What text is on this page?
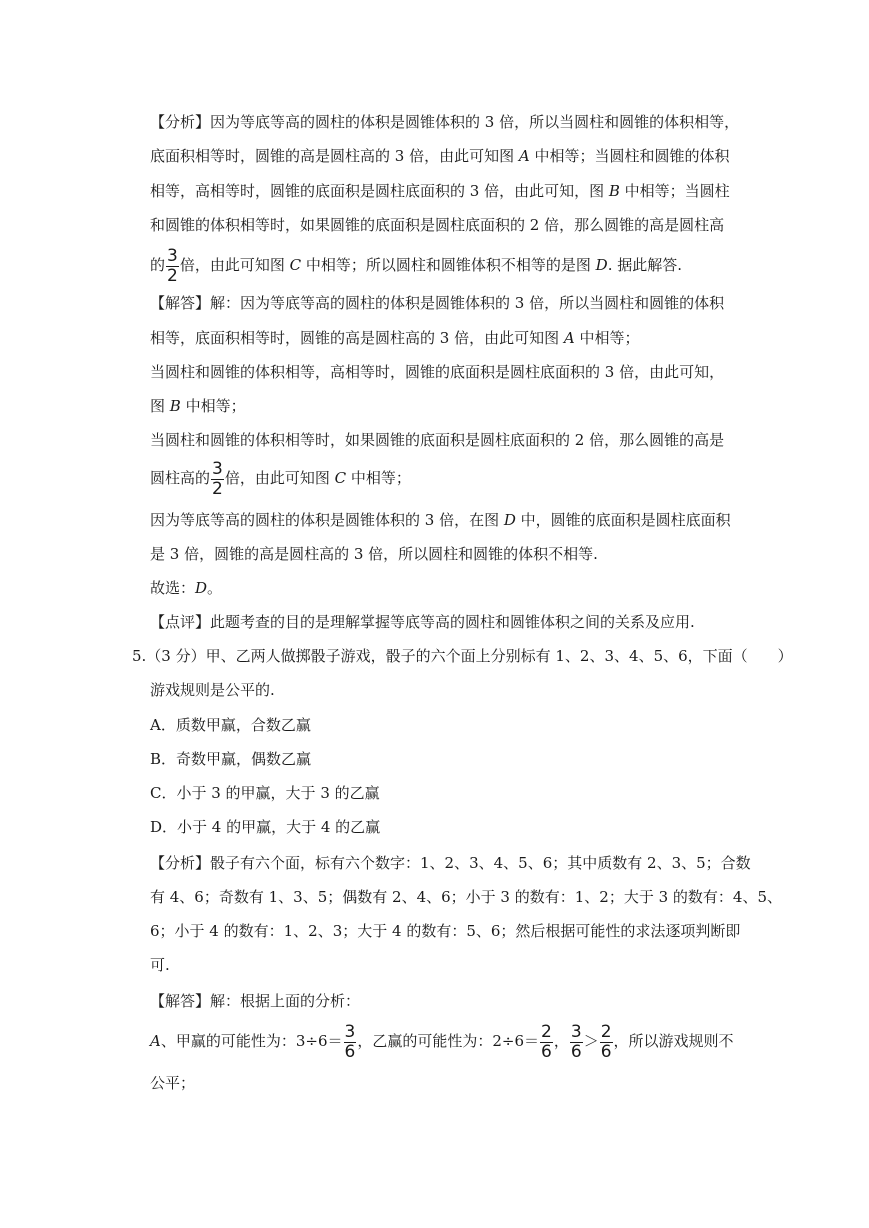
【分析】因为等底等高的圆柱的体积是圆锥体积的 3 倍，所以当圆柱和圆锥的体积相等，
底面积相等时，圆锥的高是圆柱高的 3 倍，由此可知图 A 中相等；当圆柱和圆锥的体积
相等，高相等时，圆锥的底面积是圆柱底面积的 3 倍，由此可知，图 B 中相等；当圆柱
和圆锥的体积相等时，如果圆锥的底面积是圆柱底面积的 2 倍，那么圆锥的高是圆柱高
的 $\frac{3}{2}$ 倍，由此可知图 C 中相等；所以圆柱和圆锥体积不相等的是图 D. 据此解答.
【解答】解：因为等底等高的圆柱的体积是圆锥体积的 3 倍，所以当圆柱和圆锥的体积
相等，底面积相等时，圆锥的高是圆柱高的 3 倍，由此可知图 A 中相等；
当圆柱和圆锥的体积相等，高相等时，圆锥的底面积是圆柱底面积的 3 倍，由此可知，
图 B 中相等；
当圆柱和圆锥的体积相等时，如果圆锥的底面积是圆柱底面积的 2 倍，那么圆锥的高是
圆柱高的 $\frac{3}{2}$ 倍，由此可知图 C 中相等；
因为等底等高的圆柱的体积是圆锥体积的 3 倍，在图 D 中，圆锥的底面积是圆柱底面积
是 3 倍，圆锥的高是圆柱高的 3 倍，所以圆柱和圆锥的体积不相等.
故选：D。
【点评】此题考查的目的是理解掌握等底等高的圆柱和圆锥体积之间的关系及应用.
5.（3 分）甲、乙两人做掷骰子游戏，骰子的六个面上分别标有 1、2、3、4、5、6，下面（　　）
游戏规则是公平的.
A．质数甲赢，合数乙赢
B．奇数甲赢，偶数乙赢
C．小于 3 的甲赢，大于 3 的乙赢
D．小于 4 的甲赢，大于 4 的乙赢
【分析】骰子有六个面，标有六个数字：1、2、3、4、5、6；其中质数有 2、3、5；合数
有 4、6；奇数有 1、3、5；偶数有 2、4、6；小于 3 的数有：1、2；大于 3 的数有：4、5、
6；小于 4 的数有：1、2、3；大于 4 的数有：5、6；然后根据可能性的求法逐项判断即
可.
【解答】解：根据上面的分析：
A、甲赢的可能性为：$3\div 6= \frac{3}{6}$ ，乙赢的可能性为：$2\div 6= \frac{2}{6}$ ， $\frac{3}{6} > \frac{2}{6}$ ，所以游戏规则不
公平；
